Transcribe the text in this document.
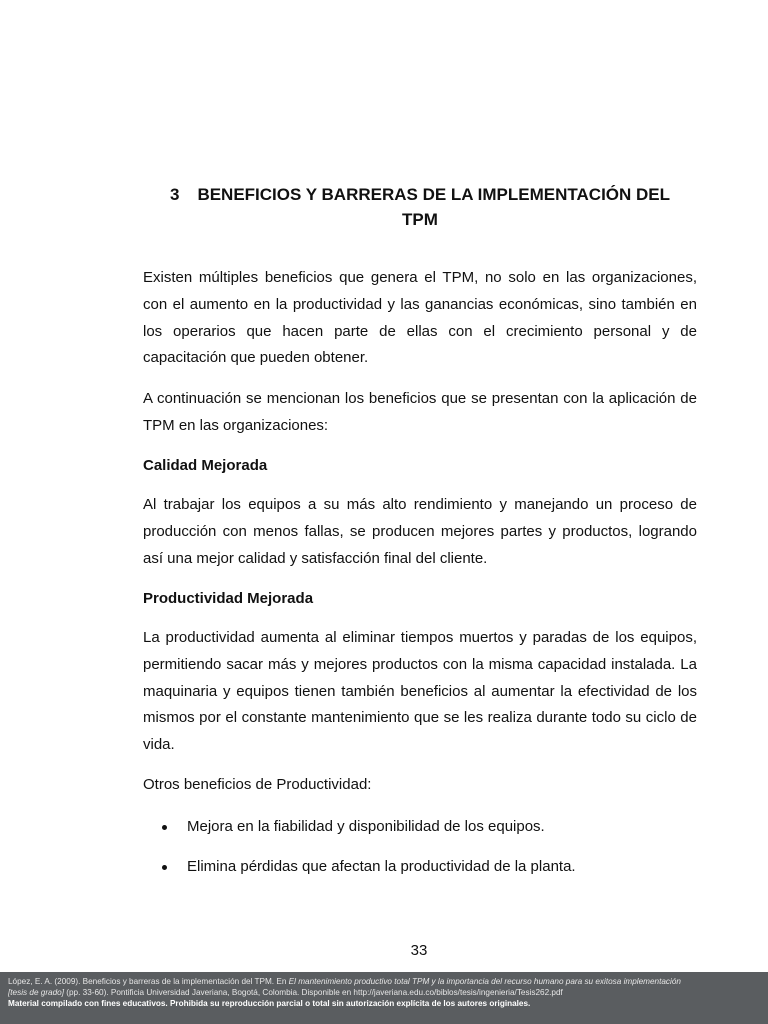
3 BENEFICIOS Y BARRERAS DE LA IMPLEMENTACIÓN DEL
TPM

Existen múltiples beneficios que genera el TPM, no solo en las organizaciones, con el aumento en la productividad y las ganancias económicas, sino también en los operarios que hacen parte de ellas con el crecimiento personal y de capacitación que pueden obtener.

A continuación se mencionan los beneficios que se presentan con la aplicación de TPM en las organizaciones:

Calidad Mejorada

Al trabajar los equipos a su más alto rendimiento y manejando un proceso de producción con menos fallas, se producen mejores partes y productos, logrando así una mejor calidad y satisfacción final del cliente.

Productividad Mejorada

La productividad aumenta al eliminar tiempos muertos y paradas de los equipos, permitiendo sacar más y mejores productos con la misma capacidad instalada. La maquinaria y equipos tienen también beneficios al aumentar la efectividad de los mismos por el constante mantenimiento que se les realiza durante todo su ciclo de vida.

Otros beneficios de Productividad:

Mejora en la fiabilidad y disponibilidad de los equipos.
Elimina pérdidas que afectan la productividad de la planta.
33
López, E. A. (2009). Beneficios y barreras de la implementación del TPM. En El mantenimiento productivo total TPM y la importancia del recurso humano para su exitosa implementación
[tesis de grado] (pp. 33-60). Pontificia Universidad Javeriana, Bogotá, Colombia. Disponible en http://javeriana.edu.co/biblos/tesis/ingenieria/Tesis262.pdf
Material compilado con fines educativos. Prohibida su reproducción parcial o total sin autorización explícita de los autores originales.
